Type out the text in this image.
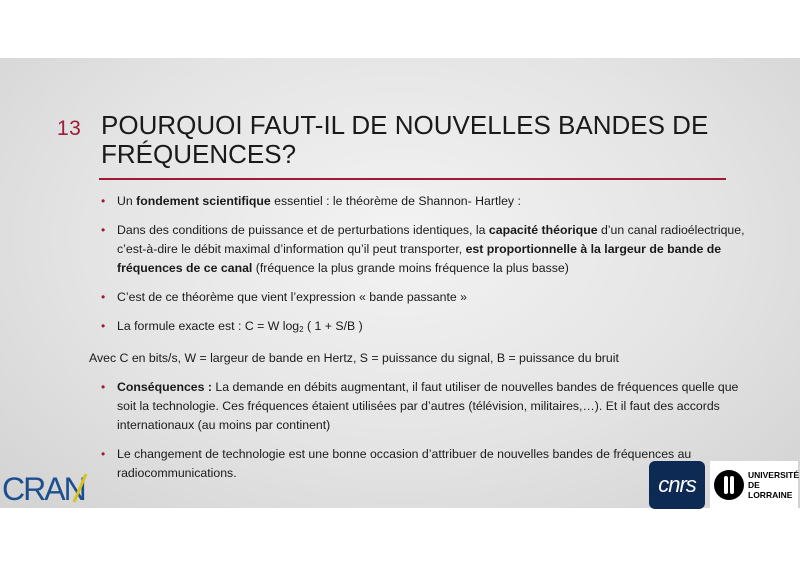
13 POURQUOI FAUT-IL DE NOUVELLES BANDES DE FRÉQUENCES?
• Un fondement scientifique essentiel : le théorème de Shannon- Hartley :
• Dans des conditions de puissance et de perturbations identiques, la capacité théorique d’un canal radioélectrique, c’est-à-dire le débit maximal d’information qu’il peut transporter, est proportionnelle à la largeur de bande de fréquences de ce canal (fréquence la plus grande moins fréquence la plus basse)
• C’est de ce théorème que vient l’expression « bande passante »
• La formule exacte est : C = W $\log_2$ ( 1 + S/B )
Avec C en bits/s, W = largeur de bande en Hertz, S = puissance du signal, B = puissance du bruit
• Conséquences : La demande en débits augmentant, il faut utiliser de nouvelles bandes de fréquences quelle que soit la technologie. Ces fréquences étaient utilisées par d’autres (télévision, militaires,…). Et il faut des accords internationaux (au moins par continent)
• Le changement de technologie est une bonne occasion d’attribuer de nouvelles bandes de fréquences au radiocommunications.
CRAN	cnrs	UNIVERSITÉ
DE LORRAINE
